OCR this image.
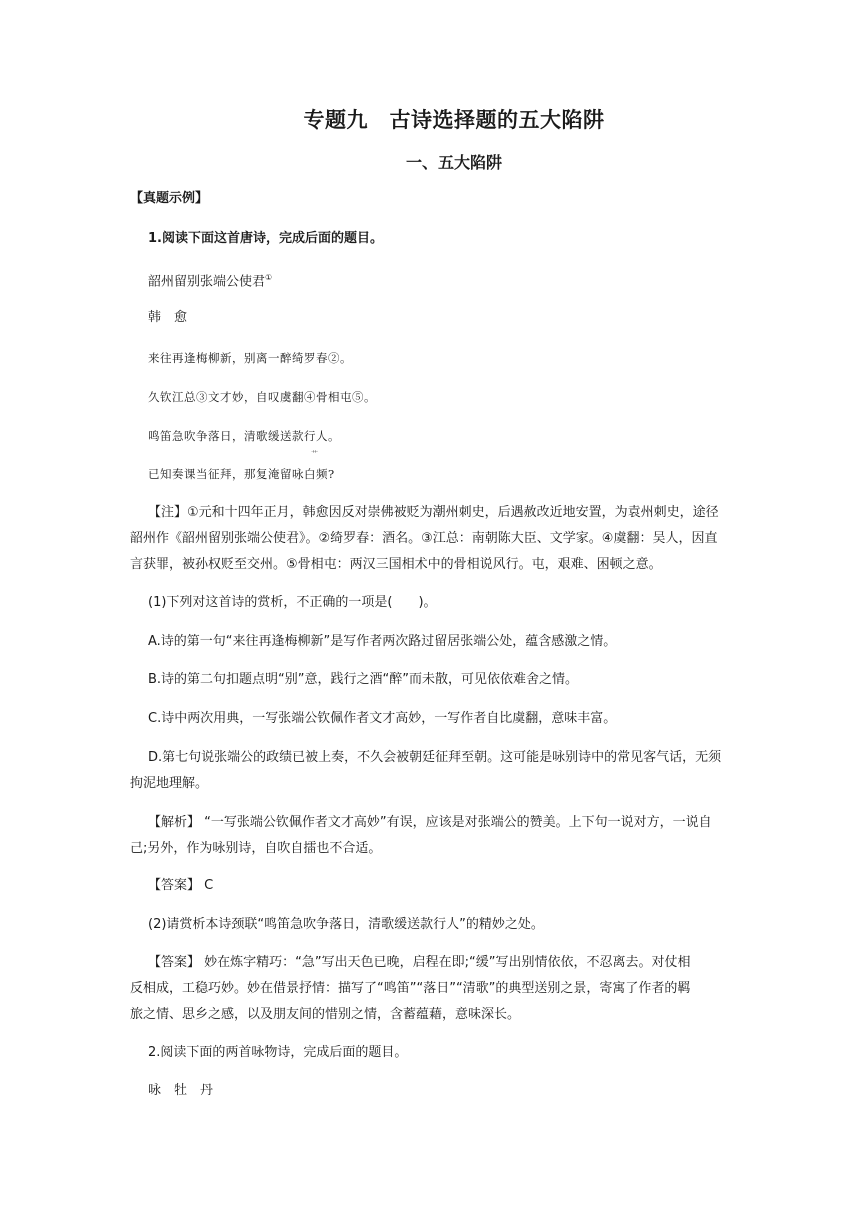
专题九　古诗选择题的五大陷阱
一、五大陷阱
【真题示例】
1.阅读下面这首唐诗，完成后面的题目。
韶州留别张端公使君①
韩　愈
来往再逢梅柳新，别离一醉绮罗春②。
久钦江总③文才妙，自叹虞翻④骨相屯⑤。
鸣笛急吹争落日，清歌缓送款行人。
艹
已知奏课当征拜，那复淹留咏白频?
【注】①元和十四年正月，韩愈因反对崇佛被贬为潮州刺史，后遇赦改近地安置，为袁州刺史，途径
韶州作《韶州留别张端公使君》。②绮罗春：酒名。③江总：南朝陈大臣、文学家。④虞翻：吴人，因直
言获罪，被孙权贬至交州。⑤骨相屯：两汉三国相术中的骨相说风行。屯，艰难、困顿之意。
(1)下列对这首诗的赏析，不正确的一项是(　　)。
A.诗的第一句“来往再逢梅柳新”是写作者两次路过留居张端公处，蕴含感激之情。
B.诗的第二句扣题点明“别”意，践行之酒“醉”而未散，可见依依难舍之情。
C.诗中两次用典，一写张端公钦佩作者文才高妙，一写作者自比虞翻，意味丰富。
D.第七句说张端公的政绩已被上奏，不久会被朝廷征拜至朝。这可能是咏别诗中的常见客气话，无须
拘泥地理解。
【解析】 “一写张端公钦佩作者文才高妙”有误，应该是对张端公的赞美。上下句一说对方，一说自
己;另外，作为咏别诗，自吹自擂也不合适。
【答案】 C
(2)请赏析本诗颈联“鸣笛急吹争落日，清歌缓送款行人”的精妙之处。
【答案】 妙在炼字精巧：“急”写出天色已晚，启程在即;“缓”写出别情依依，不忍离去。对仗相
反相成，工稳巧妙。妙在借景抒情：描写了“鸣笛”“落日”“清歌”的典型送别之景，寄寓了作者的羁
旅之情、思乡之感，以及朋友间的惜别之情，含蓄蕴藉，意味深长。
2.阅读下面的两首咏物诗，完成后面的题目。
咏　牡　丹
